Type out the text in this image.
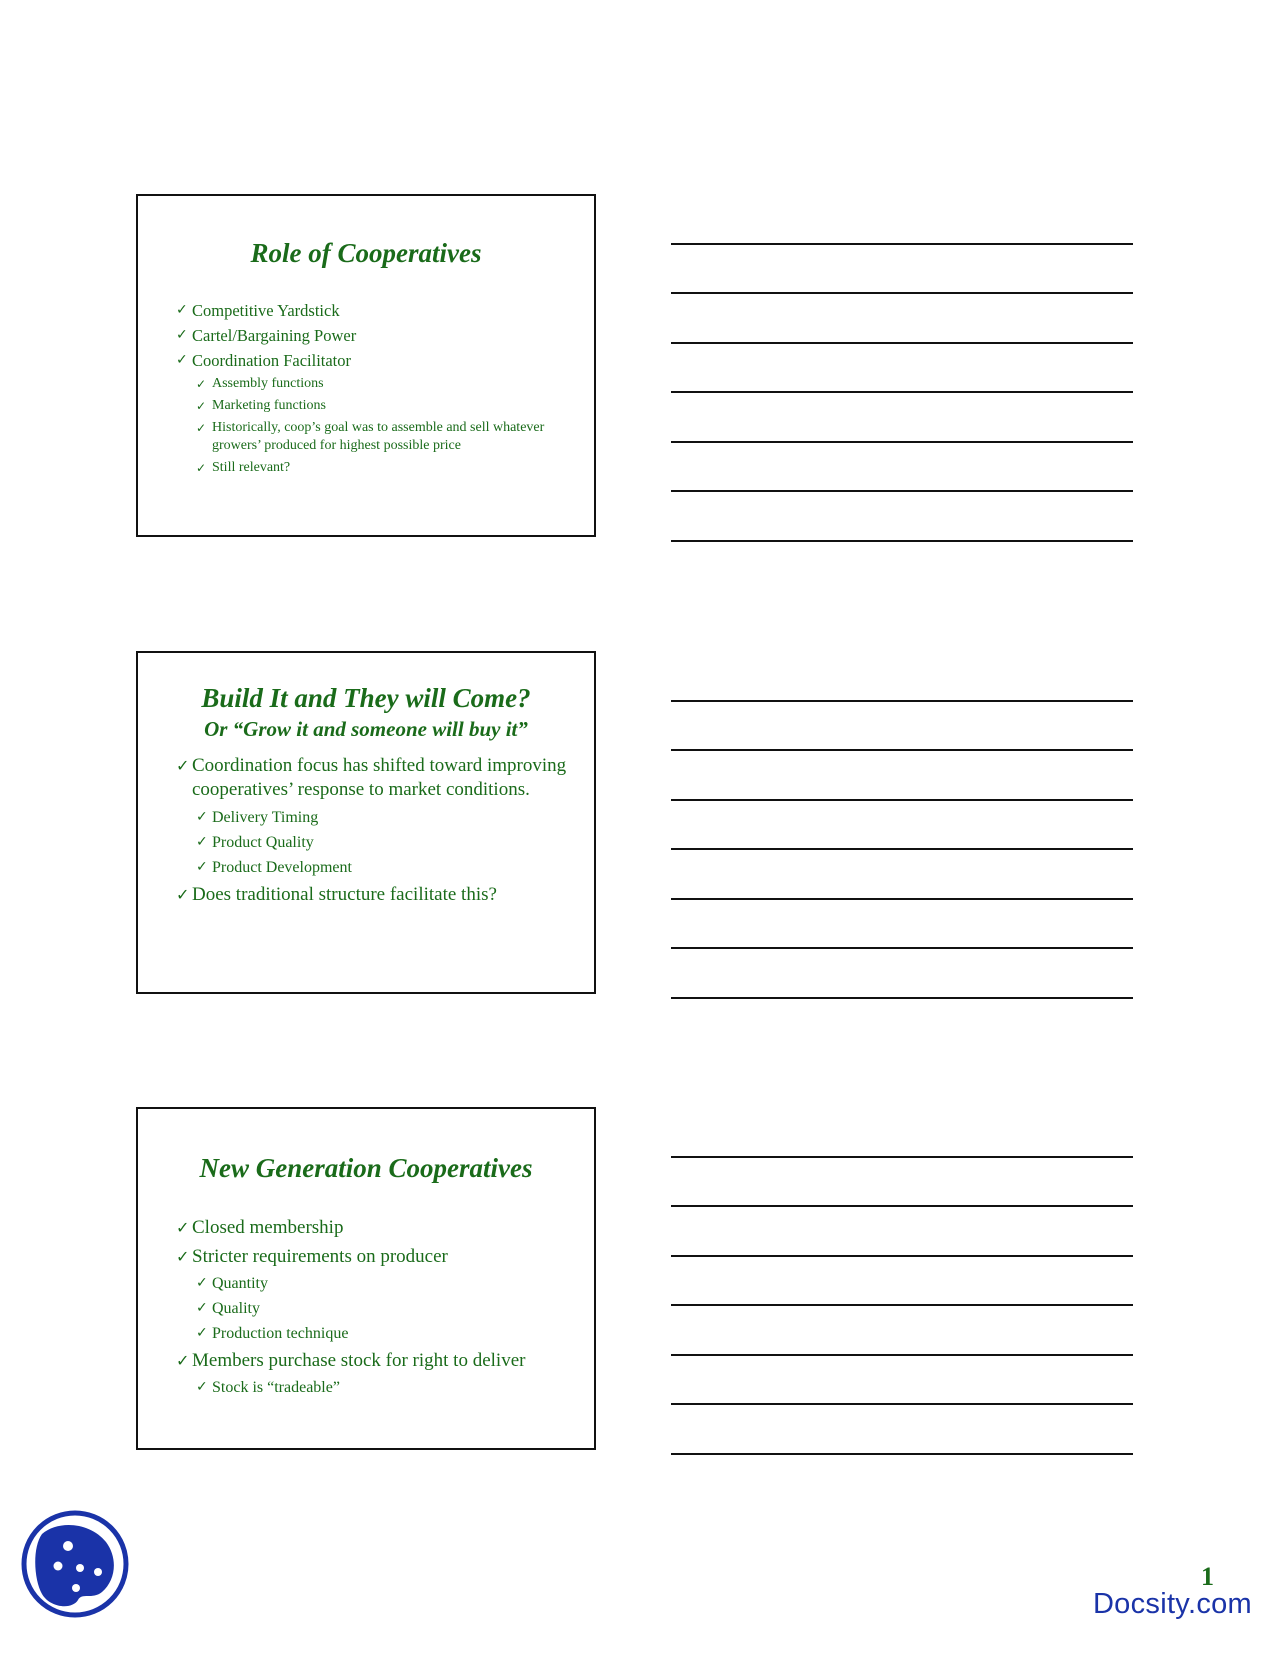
Role of Cooperatives
✓ Competitive Yardstick
✓ Cartel/Bargaining Power
✓ Coordination Facilitator
✓ Assembly functions
✓ Marketing functions
✓ Historically, coop’s goal was to assemble and sell whatever growers’ produced for highest possible price
✓ Still relevant?
Build It and They will Come?
Or “Grow it and someone will buy it”
✓ Coordination focus has shifted toward improving cooperatives’ response to market conditions.
✓ Delivery Timing
✓ Product Quality
✓ Product Development
✓ Does traditional structure facilitate this?
New Generation Cooperatives
✓ Closed membership
✓ Stricter requirements on producer
✓ Quantity
✓ Quality
✓ Production technique
✓ Members purchase stock for right to deliver
✓ Stock is “tradeable”
1
Docsity.com
